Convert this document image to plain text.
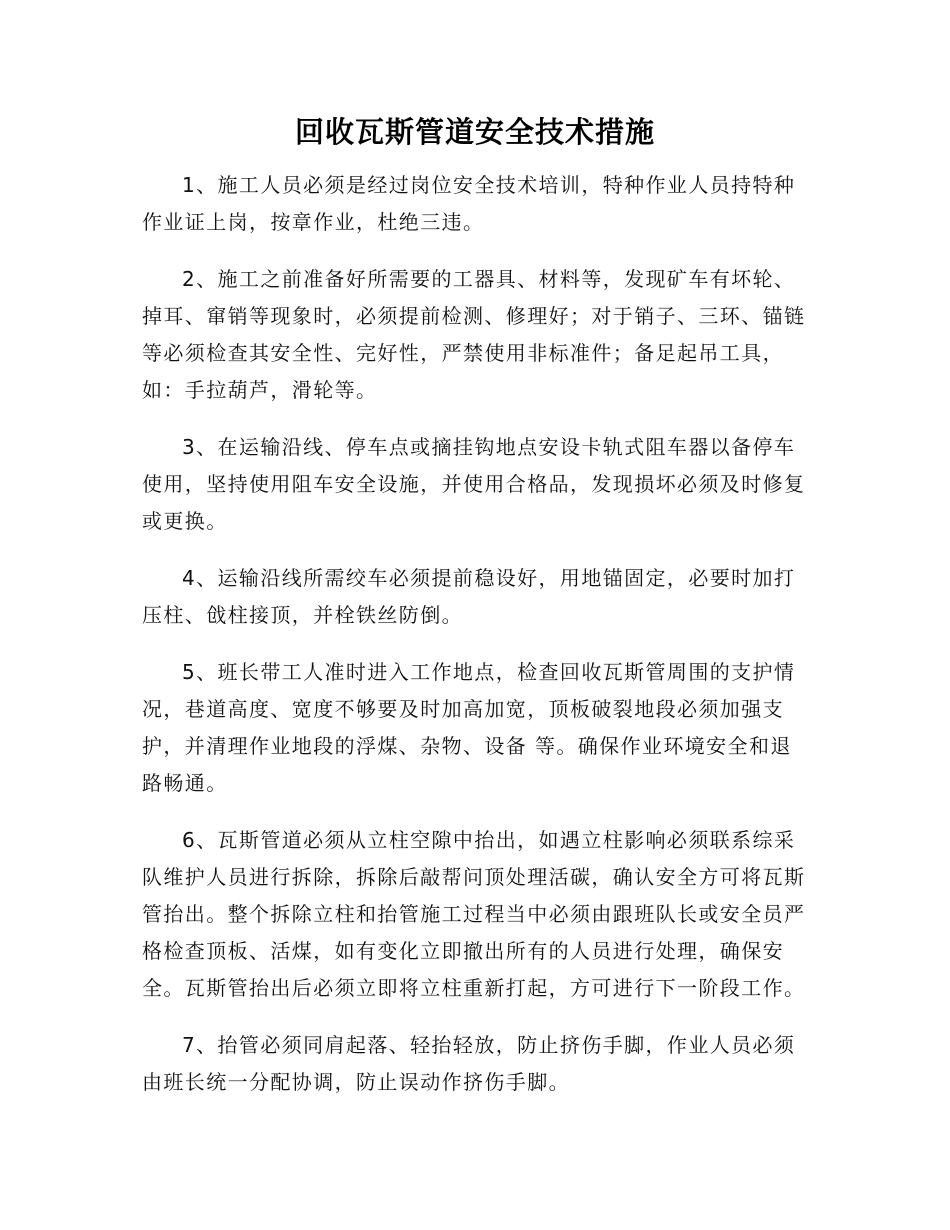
回收瓦斯管道安全技术措施

1、施工人员必须是经过岗位安全技术培训，特种作业人员持特种作业证上岗，按章作业，杜绝三违。

2、施工之前准备好所需要的工器具、材料等，发现矿车有坏轮、掉耳、窜销等现象时，必须提前检测、修理好；对于销子、三环、锚链等必须检查其安全性、完好性，严禁使用非标准件；备足起吊工具，如：手拉葫芦，滑轮等。

3、在运输沿线、停车点或摘挂钩地点安设卡轨式阻车器以备停车使用，坚持使用阻车安全设施，并使用合格品，发现损坏必须及时修复或更换。

4、运输沿线所需绞车必须提前稳设好，用地锚固定，必要时加打压柱、戗柱接顶，并栓铁丝防倒。

5、班长带工人准时进入工作地点，检查回收瓦斯管周围的支护情况，巷道高度、宽度不够要及时加高加宽，顶板破裂地段必须加强支护，并清理作业地段的浮煤、杂物、设备 等。确保作业环境安全和退路畅通。

6、瓦斯管道必须从立柱空隙中抬出，如遇立柱影响必须联系综采队维护人员进行拆除，拆除后敲帮问顶处理活碳，确认安全方可将瓦斯管抬出。整个拆除立柱和抬管施工过程当中必须由跟班队长或安全员严格检查顶板、活煤，如有变化立即撤出所有的人员进行处理，确保安全。瓦斯管抬出后必须立即将立柱重新打起，方可进行下一阶段工作。

7、抬管必须同肩起落、轻抬轻放，防止挤伤手脚，作业人员必须由班长统一分配协调，防止误动作挤伤手脚。
